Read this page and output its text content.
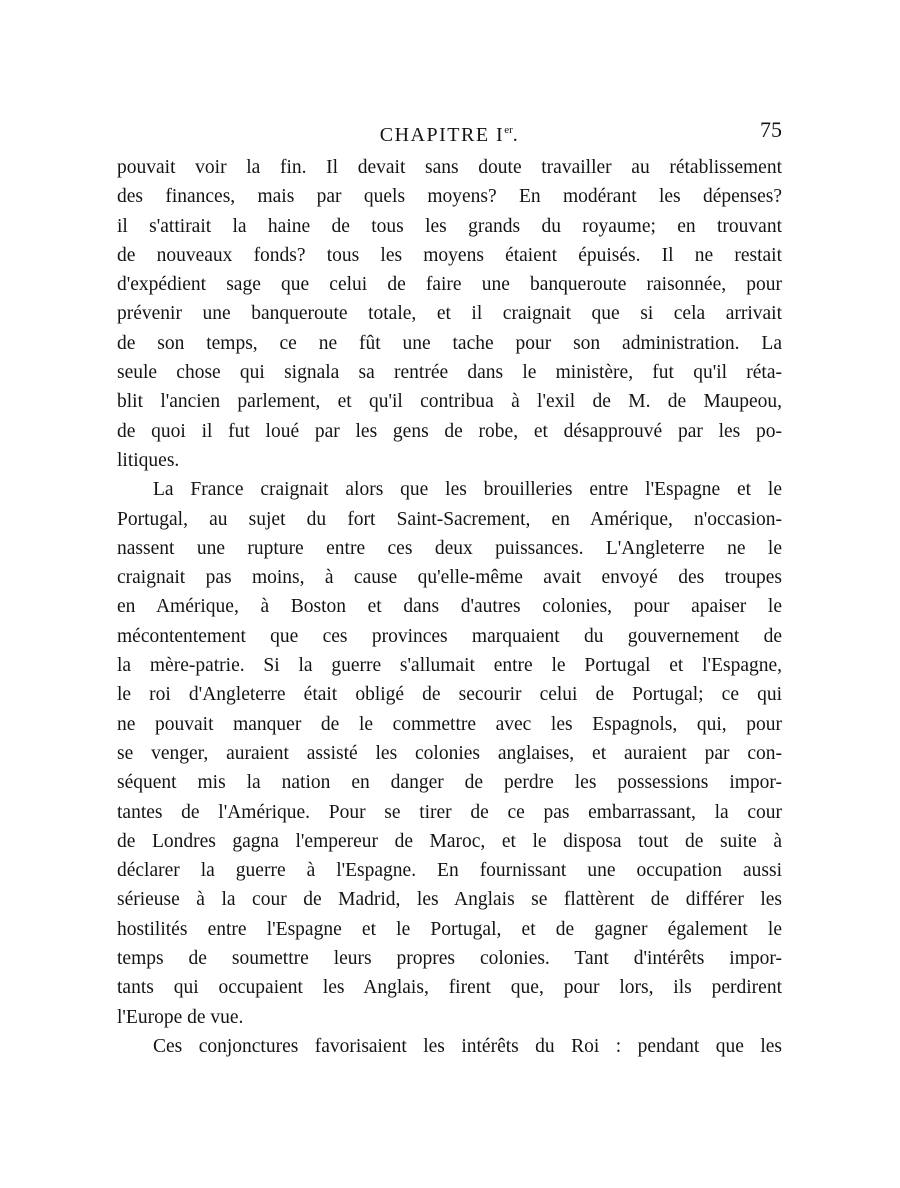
CHAPITRE Ier.	75

pouvait voir la fin. Il devait sans doute travailler au rétablissement
des finances, mais par quels moyens? En modérant les dépenses?
il s'attirait la haine de tous les grands du royaume; en trouvant
de nouveaux fonds? tous les moyens étaient épuisés. Il ne restait
d'expédient sage que celui de faire une banqueroute raisonnée, pour
prévenir une banqueroute totale, et il craignait que si cela arrivait
de son temps, ce ne fût une tache pour son administration. La
seule chose qui signala sa rentrée dans le ministère, fut qu'il réta-
blit l'ancien parlement, et qu'il contribua à l'exil de M. de Maupeou,
de quoi il fut loué par les gens de robe, et désapprouvé par les po-
litiques.

La France craignait alors que les brouilleries entre l'Espagne et le
Portugal, au sujet du fort Saint-Sacrement, en Amérique, n'occasion-
nassent une rupture entre ces deux puissances. L'Angleterre ne le
craignait pas moins, à cause qu'elle-même avait envoyé des troupes
en Amérique, à Boston et dans d'autres colonies, pour apaiser le
mécontentement que ces provinces marquaient du gouvernement de
la mère-patrie. Si la guerre s'allumait entre le Portugal et l'Espagne,
le roi d'Angleterre était obligé de secourir celui de Portugal; ce qui
ne pouvait manquer de le commettre avec les Espagnols, qui, pour
se venger, auraient assisté les colonies anglaises, et auraient par con-
séquent mis la nation en danger de perdre les possessions impor-
tantes de l'Amérique. Pour se tirer de ce pas embarrassant, la cour
de Londres gagna l'empereur de Maroc, et le disposa tout de suite à
déclarer la guerre à l'Espagne. En fournissant une occupation aussi
sérieuse à la cour de Madrid, les Anglais se flattèrent de différer les
hostilités entre l'Espagne et le Portugal, et de gagner également le
temps de soumettre leurs propres colonies. Tant d'intérêts impor-
tants qui occupaient les Anglais, firent que, pour lors, ils perdirent
l'Europe de vue.

Ces conjonctures favorisaient les intérêts du Roi : pendant que les
